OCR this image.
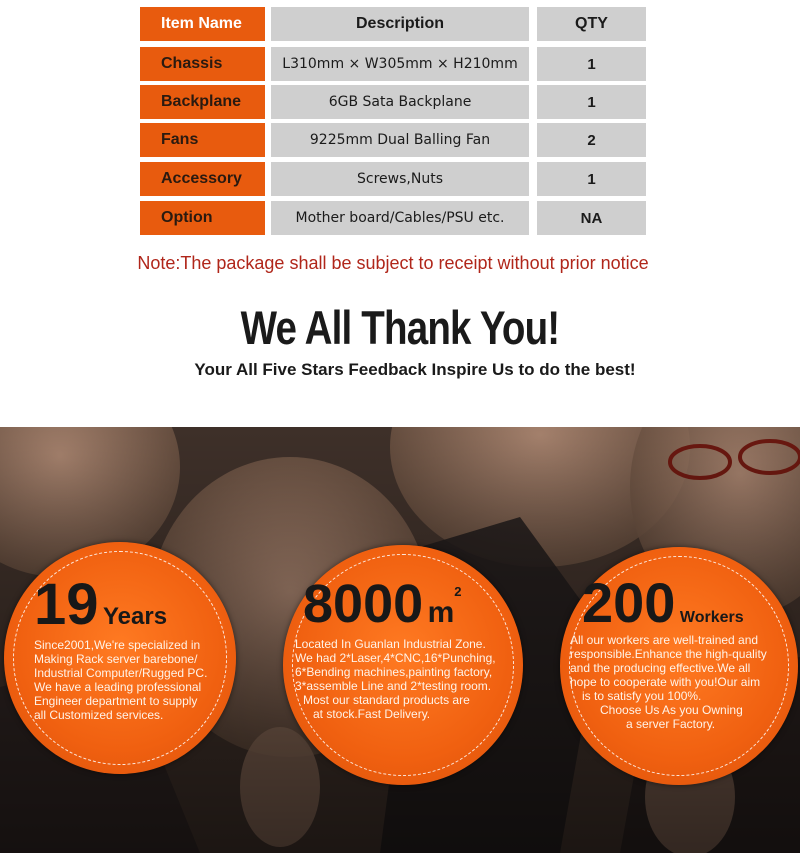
Item Name	Description	QTY
Chassis	L310mm × W305mm × H210mm	1
Backplane	6GB Sata Backplane	1
Fans	9225mm Dual Balling Fan	2
Accessory	Screws,Nuts	1
Option	Mother board/Cables/PSU etc.	NA
Note:The package shall be subject to receipt without prior notice
We All Thank You!
Your All Five Stars Feedback Inspire Us to do the best!
19 Years
Since2001,We're specialized in
Making Rack server barebone/
Industrial Computer/Rugged PC.
We have a leading professional
Engineer department to supply
all Customized services.
8000 $m^2$
Located In Guanlan Industrial Zone.
We had 2*Laser,4*CNC,16*Punching,
6*Bending machines,painting factory,
3*assemble Line and 2*testing room.
Most our standard products are
at stock.Fast Delivery.
200 Workers
All our workers are well-trained and
responsible.Enhance the high-quality
and the producing effective.We all
hope to cooperate with you!Our aim
is to satisfy you 100%.
Choose Us As you Owning
a server Factory.
